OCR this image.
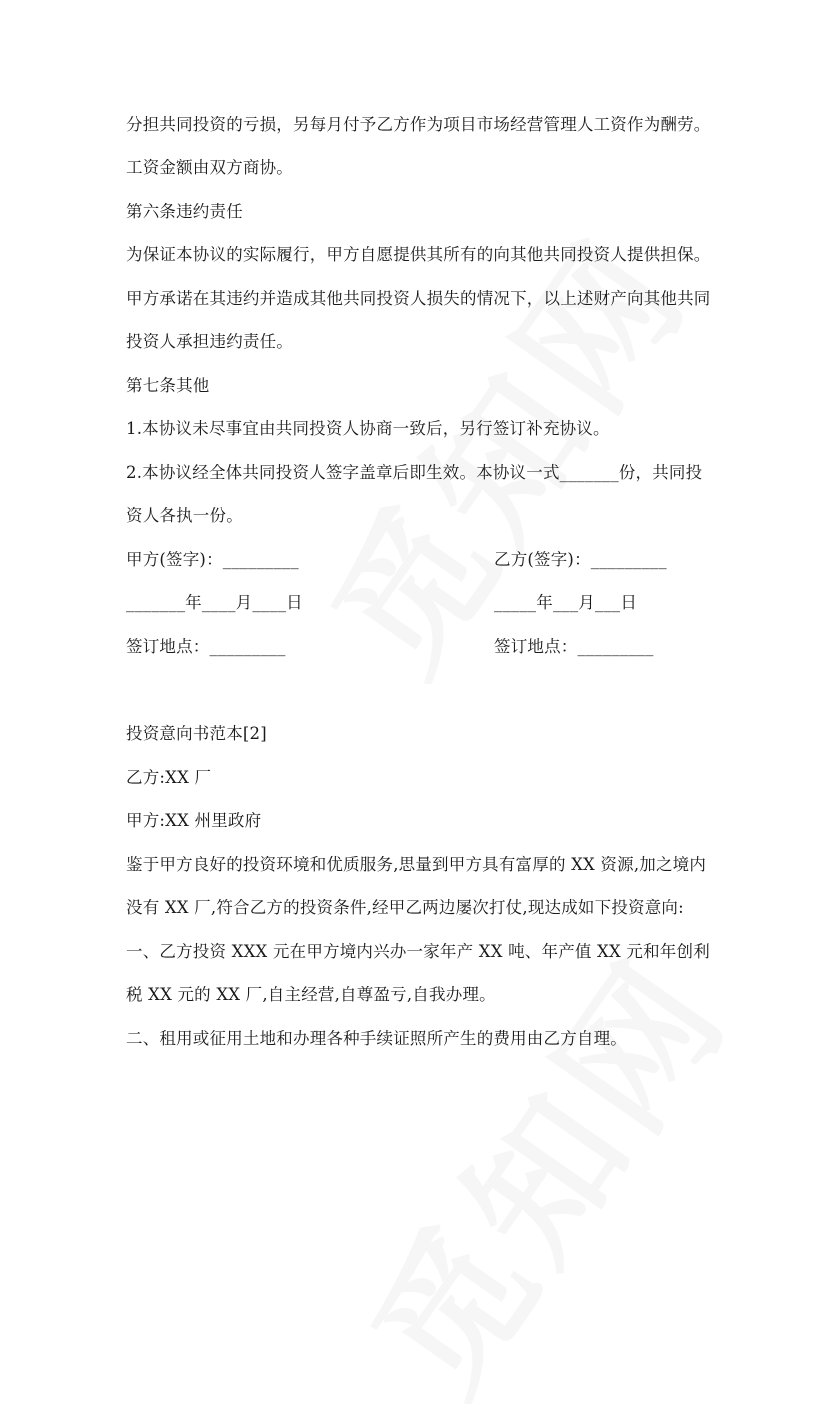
分担共同投资的亏损，另每月付予乙方作为项目市场经营管理人工资作为酬劳。
工资金额由双方商协。
第六条违约责任
为保证本协议的实际履行，甲方自愿提供其所有的向其他共同投资人提供担保。
甲方承诺在其违约并造成其他共同投资人损失的情况下，以上述财产向其他共同
投资人承担违约责任。
第七条其他
1.本协议未尽事宜由共同投资人协商一致后，另行签订补充协议。
2.本协议经全体共同投资人签字盖章后即生效。本协议一式_______份，共同投
资人各执一份。
甲方(签字)：_________	乙方(签字)：_________
_______年____月____日	_____年___月___日
签订地点：_________	签订地点：_________
投资意向书范本[2]
乙方:XX 厂
甲方:XX 州里政府
鉴于甲方良好的投资环境和优质服务,思量到甲方具有富厚的 XX 资源,加之境内
没有 XX 厂,符合乙方的投资条件,经甲乙两边屡次打仗,现达成如下投资意向:
一、乙方投资 XXX 元在甲方境内兴办一家年产 XX 吨、年产值 XX 元和年创利
税 XX 元的 XX 厂,自主经营,自尊盈亏,自我办理。
二、租用或征用土地和办理各种手续证照所产生的费用由乙方自理。
